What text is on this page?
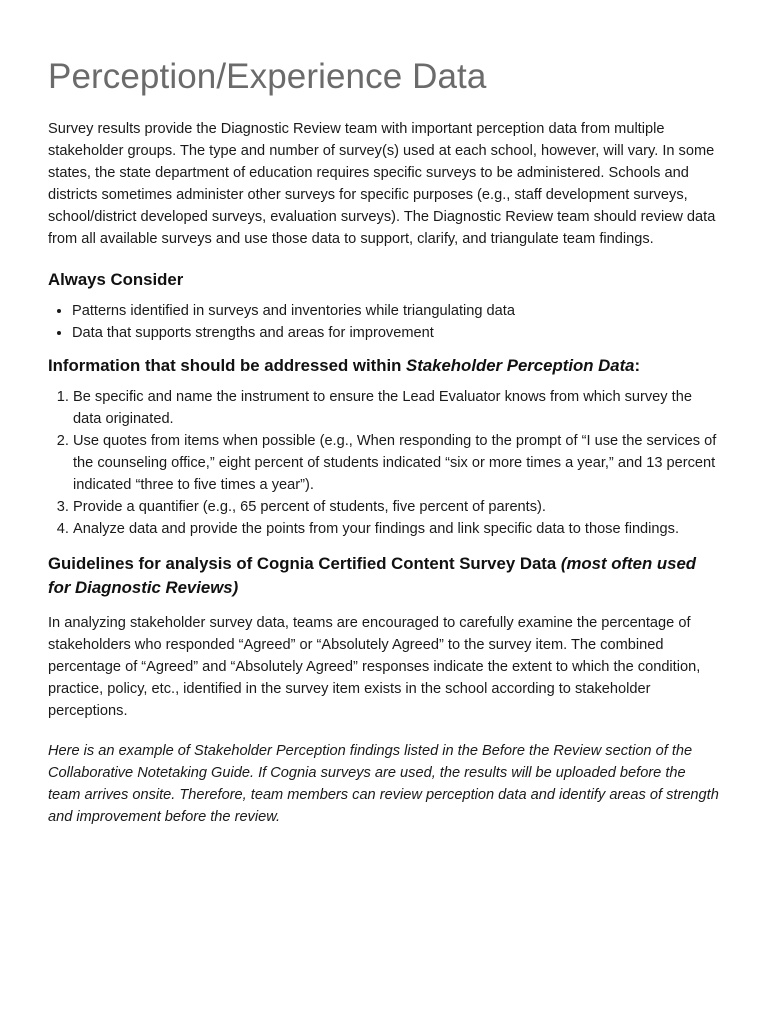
Perception/Experience Data

Survey results provide the Diagnostic Review team with important perception data from multiple stakeholder groups. The type and number of survey(s) used at each school, however, will vary. In some states, the state department of education requires specific surveys to be administered. Schools and districts sometimes administer other surveys for specific purposes (e.g., staff development surveys, school/district developed surveys, evaluation surveys). The Diagnostic Review team should review data from all available surveys and use those data to support, clarify, and triangulate team findings.

Always Consider
• Patterns identified in surveys and inventories while triangulating data
• Data that supports strengths and areas for improvement
Information that should be addressed within Stakeholder Perception Data:
1. Be specific and name the instrument to ensure the Lead Evaluator knows from which survey the data originated.
2. Use quotes from items when possible (e.g., When responding to the prompt of “I use the services of the counseling office,” eight percent of students indicated “six or more times a year,” and 13 percent indicated “three to five times a year”).
3. Provide a quantifier (e.g., 65 percent of students, five percent of parents).
4. Analyze data and provide the points from your findings and link specific data to those findings.
Guidelines for analysis of Cognia Certified Content Survey Data (most often used for Diagnostic Reviews)

In analyzing stakeholder survey data, teams are encouraged to carefully examine the percentage of stakeholders who responded “Agreed” or “Absolutely Agreed” to the survey item. The combined percentage of “Agreed” and “Absolutely Agreed” responses indicate the extent to which the condition, practice, policy, etc., identified in the survey item exists in the school according to stakeholder perceptions.

Here is an example of Stakeholder Perception findings listed in the Before the Review section of the Collaborative Notetaking Guide. If Cognia surveys are used, the results will be uploaded before the team arrives onsite. Therefore, team members can review perception data and identify areas of strength and improvement before the review.
